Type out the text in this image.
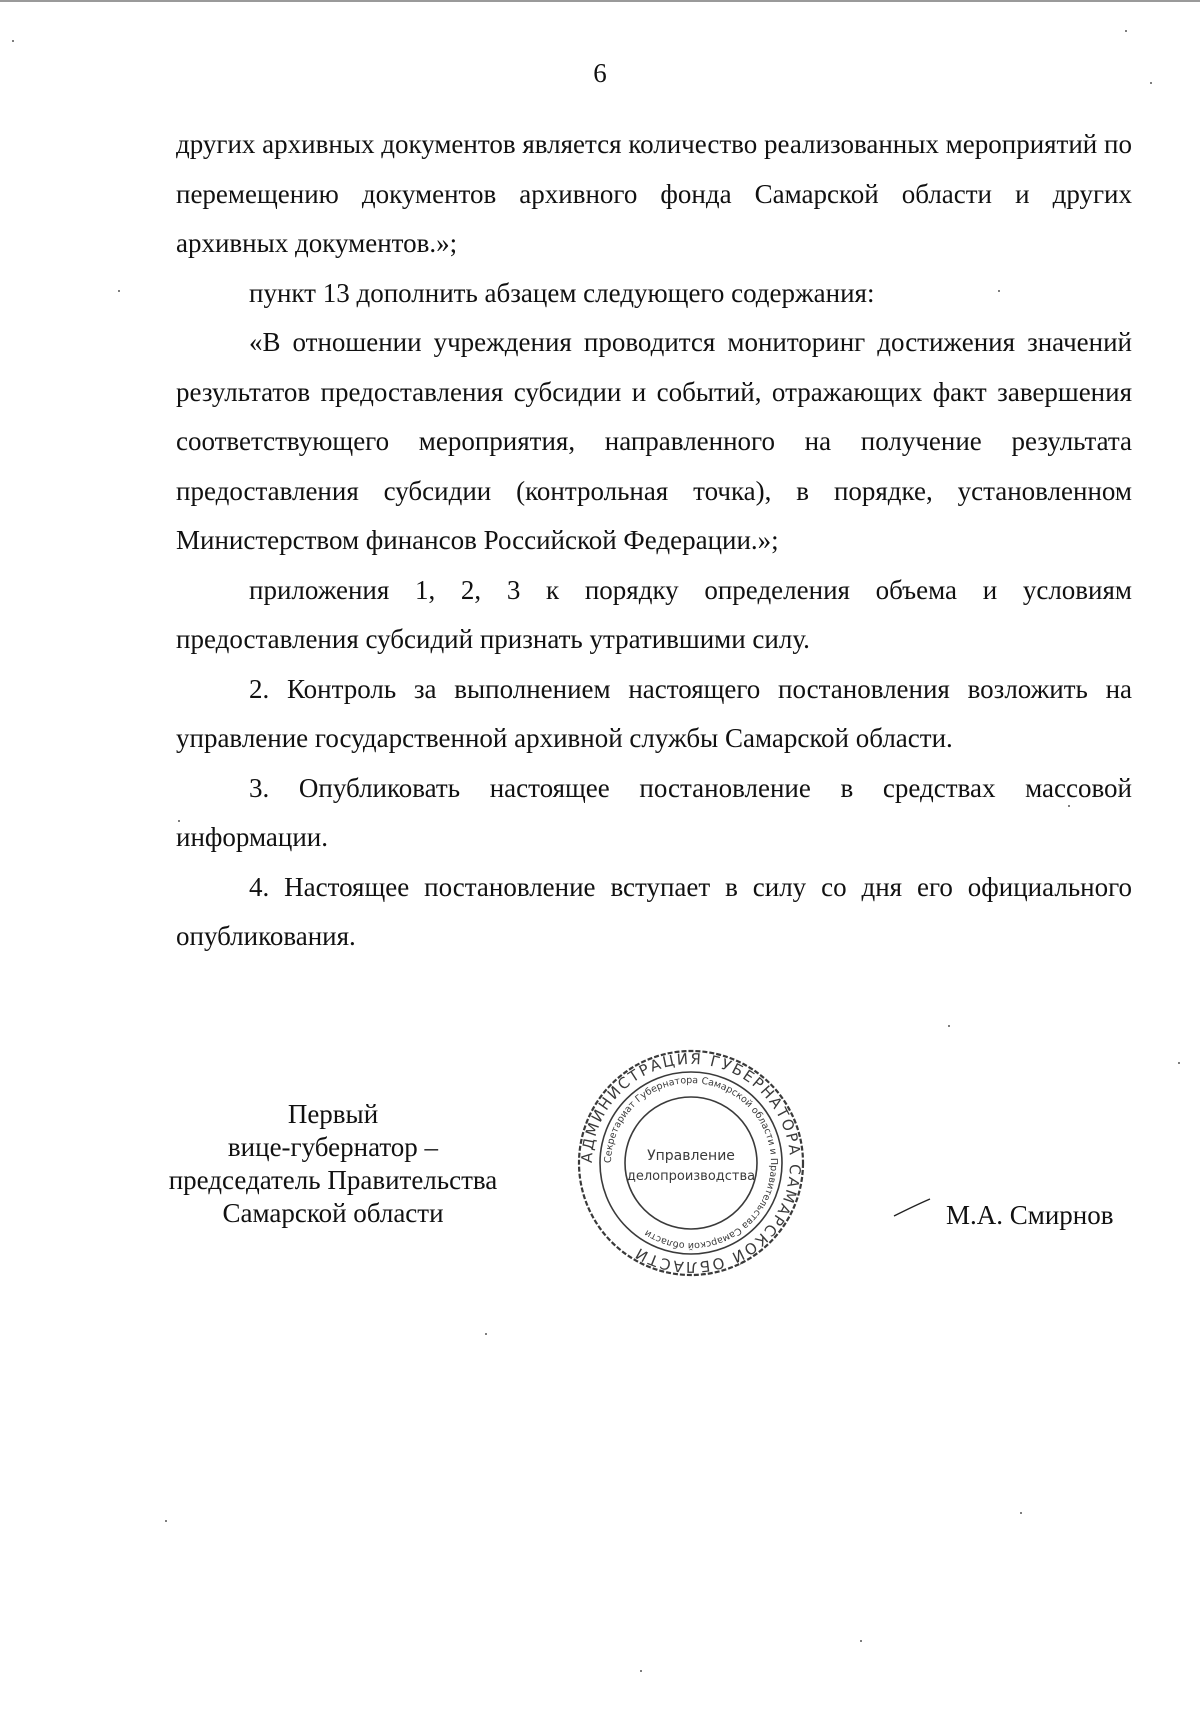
6

других архивных документов является количество реализованных мероприятий по перемещению документов архивного фонда Самарской области и других архивных документов.»;

пункт 13 дополнить абзацем следующего содержания:

«В отношении учреждения проводится мониторинг достижения значений результатов предоставления субсидии и событий, отражающих факт завершения соответствующего мероприятия, направленного на получение результата предоставления субсидии (контрольная точка), в порядке, установленном Министерством финансов Российской Федерации.»;

приложения 1, 2, 3 к порядку определения объема и условиям предоставления субсидий признать утратившими силу.

2. Контроль за выполнением настоящего постановления возложить на управление государственной архивной службы Самарской области.

3. Опубликовать настоящее постановление в средствах массовой информации.

4. Настоящее постановление вступает в силу со дня его официального опубликования.

Первый
вице-губернатор –
председатель Правительства
Самарской области
АДМИНИСТРАЦИЯ ГУБЕРНАТОРА САМАРСКОЙ ОБЛАСТИ
Секретариат Губернатора Самарской области и Правительства Самарской области
Управление
делопроизводства
М.А. Смирнов
